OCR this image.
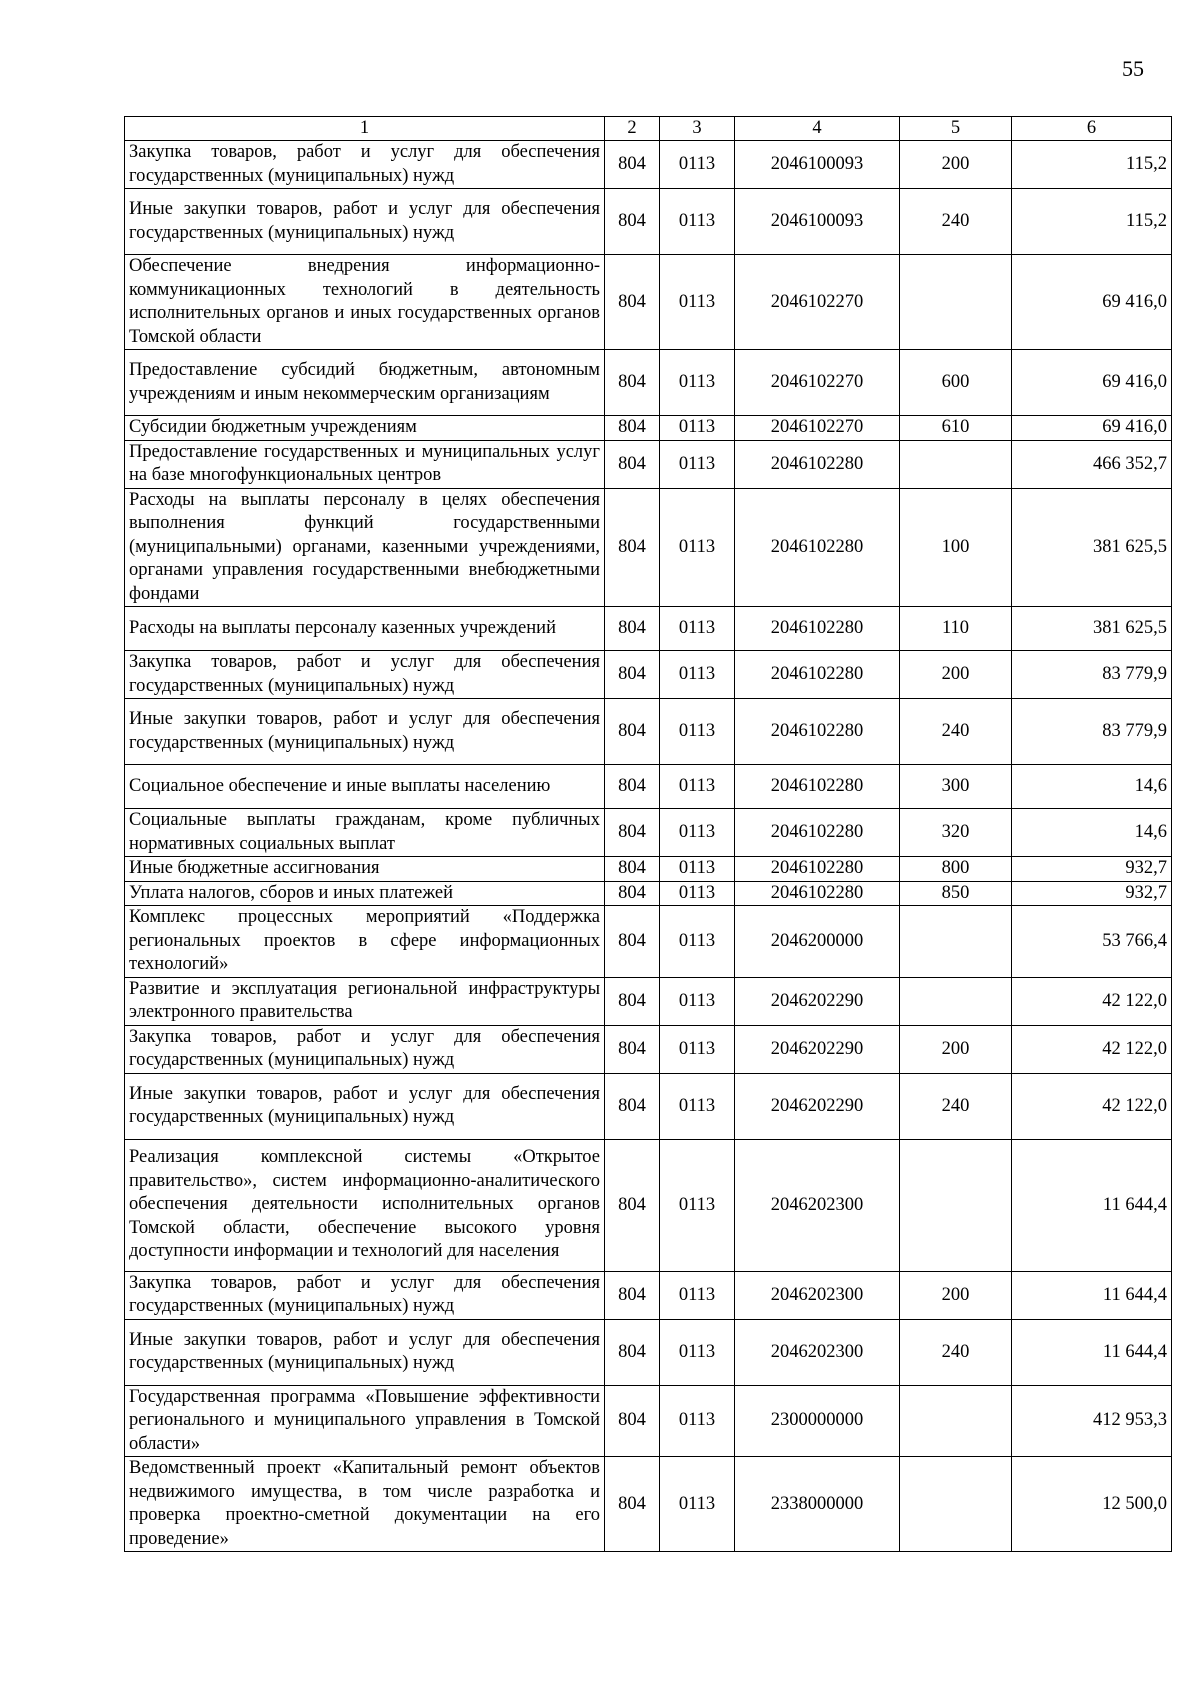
55
1	2	3	4	5	6
Закупка товаров, работ и услуг для обеспечения государственных (муниципальных) нужд	804	0113	2046100093	200	115,2
Иные закупки товаров, работ и услуг для обеспечения государственных (муниципальных) нужд	804	0113	2046100093	240	115,2
Обеспечение внедрения информационно-коммуникационных технологий в деятельность исполнительных органов и иных государственных органов Томской области	804	0113	2046102270		69 416,0
Предоставление субсидий бюджетным, автономным учреждениям и иным некоммерческим организациям	804	0113	2046102270	600	69 416,0
Субсидии бюджетным учреждениям	804	0113	2046102270	610	69 416,0
Предоставление государственных и муниципальных услуг на базе многофункциональных центров	804	0113	2046102280		466 352,7
Расходы на выплаты персоналу в целях обеспечения выполнения функций государственными (муниципальными) органами, казенными учреждениями, органами управления государственными внебюджетными фондами	804	0113	2046102280	100	381 625,5
Расходы на выплаты персоналу казенных учреждений	804	0113	2046102280	110	381 625,5
Закупка товаров, работ и услуг для обеспечения государственных (муниципальных) нужд	804	0113	2046102280	200	83 779,9
Иные закупки товаров, работ и услуг для обеспечения государственных (муниципальных) нужд	804	0113	2046102280	240	83 779,9
Социальное обеспечение и иные выплаты населению	804	0113	2046102280	300	14,6
Социальные выплаты гражданам, кроме публичных нормативных социальных выплат	804	0113	2046102280	320	14,6
Иные бюджетные ассигнования	804	0113	2046102280	800	932,7
Уплата налогов, сборов и иных платежей	804	0113	2046102280	850	932,7
Комплекс процессных мероприятий «Поддержка региональных проектов в сфере информационных технологий»	804	0113	2046200000		53 766,4
Развитие и эксплуатация региональной инфраструктуры электронного правительства	804	0113	2046202290		42 122,0
Закупка товаров, работ и услуг для обеспечения государственных (муниципальных) нужд	804	0113	2046202290	200	42 122,0
Иные закупки товаров, работ и услуг для обеспечения государственных (муниципальных) нужд	804	0113	2046202290	240	42 122,0
Реализация комплексной системы «Открытое правительство», систем информационно-аналитического обеспечения деятельности исполнительных органов Томской области, обеспечение высокого уровня доступности информации и технологий для населения	804	0113	2046202300		11 644,4
Закупка товаров, работ и услуг для обеспечения государственных (муниципальных) нужд	804	0113	2046202300	200	11 644,4
Иные закупки товаров, работ и услуг для обеспечения государственных (муниципальных) нужд	804	0113	2046202300	240	11 644,4
Государственная программа «Повышение эффективности регионального и муниципального управления в Томской области»	804	0113	2300000000		412 953,3
Ведомственный проект «Капитальный ремонт объектов недвижимого имущества, в том числе разработка и проверка проектно-сметной документации на его проведение»	804	0113	2338000000		12 500,0
